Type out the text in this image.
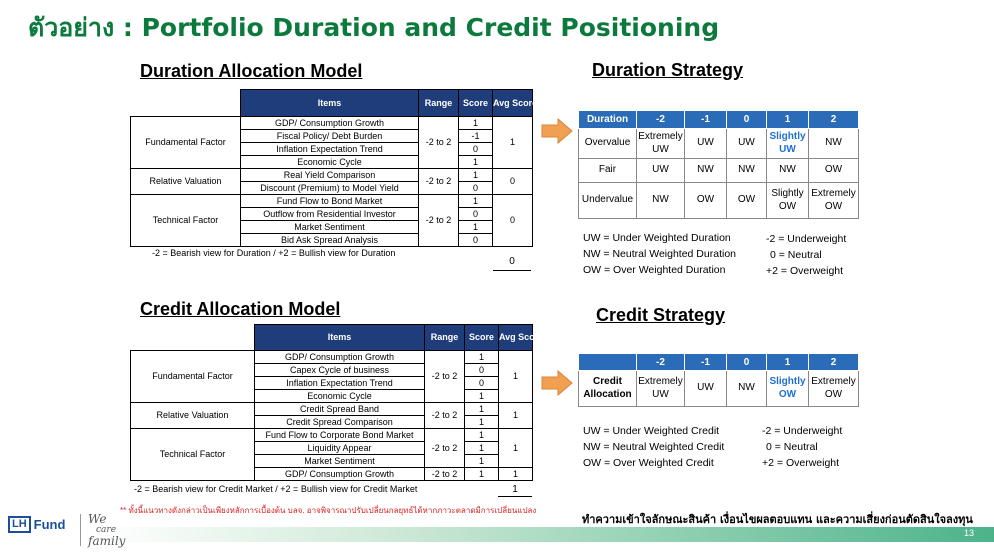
ตัวอย่าง : Portfolio Duration and Credit Positioning
Duration Allocation Model
	Items	Range	Score	Avg Score
Fundamental Factor	GDP/ Consumption Growth	-2 to 2	1	1
	Fiscal Policy/ Debt Burden		-1	
	Inflation Expectation Trend		0	
	Economic Cycle		1	
Relative Valuation	Real Yield Comparison	-2 to 2	1	0
	Discount (Premium) to Model Yield		0	
Technical Factor	Fund Flow to Bond Market	-2 to 2	1	0
	Outflow from Residential Investor		0	
	Market Sentiment		1	
	Bid Ask Spread Analysis		0	
-2 = Bearish view for Duration / +2 = Bullish view for Duration
0
Credit Allocation Model
	Items	Range	Score	Avg Score
Fundamental Factor	GDP/ Consumption Growth	-2 to 2	1	1
	Capex Cycle of business		0	
	Inflation Expectation Trend		0	
	Economic Cycle		1	
Relative Valuation	Credit Spread Band	-2 to 2	1	1
	Credit Spread Comparison		1	
Technical Factor	Fund Flow to Corporate Bond Market	-2 to 2	1	1
	Liquidity Appear		1	
	Market Sentiment		1	
	GDP/ Consumption Growth	-2 to 2	1	1
-2 = Bearish view for Credit Market / +2 = Bullish view for Credit Market	1
Duration Strategy
Duration	-2	-1	0	1	2
Overvalue	Extremely UW	UW	UW	Slightly UW	NW
Fair	UW	NW	NW	NW	OW
Undervalue	NW	OW	OW	Slightly OW	Extremely OW
UW = Under Weighted Duration
NW = Neutral Weighted Duration
OW = Over Weighted Duration
-2 = Underweight
0 = Neutral
+2 = Overweight
Credit Strategy
	-2	-1	0	1	2
Credit Allocation	Extremely UW	UW	NW	Slightly OW	Extremely OW
UW = Under Weighted Credit
NW = Neutral Weighted Credit
OW = Over Weighted Credit
-2 = Underweight
0 = Neutral
+2 = Overweight
** ทั้งนี้แนวทางดังกล่าวเป็นเพียงหลักการเบื้องต้น บลจ. อาจพิจารณาปรับเปลี่ยนกลยุทธ์ได้หากภาวะตลาดมีการเปลี่ยนแปลง
ทำความเข้าใจลักษณะสินค้า เงื่อนไขผลตอบแทน และความเสี่ยงก่อนตัดสินใจลงทุน
13
LH Fund We
care
family
